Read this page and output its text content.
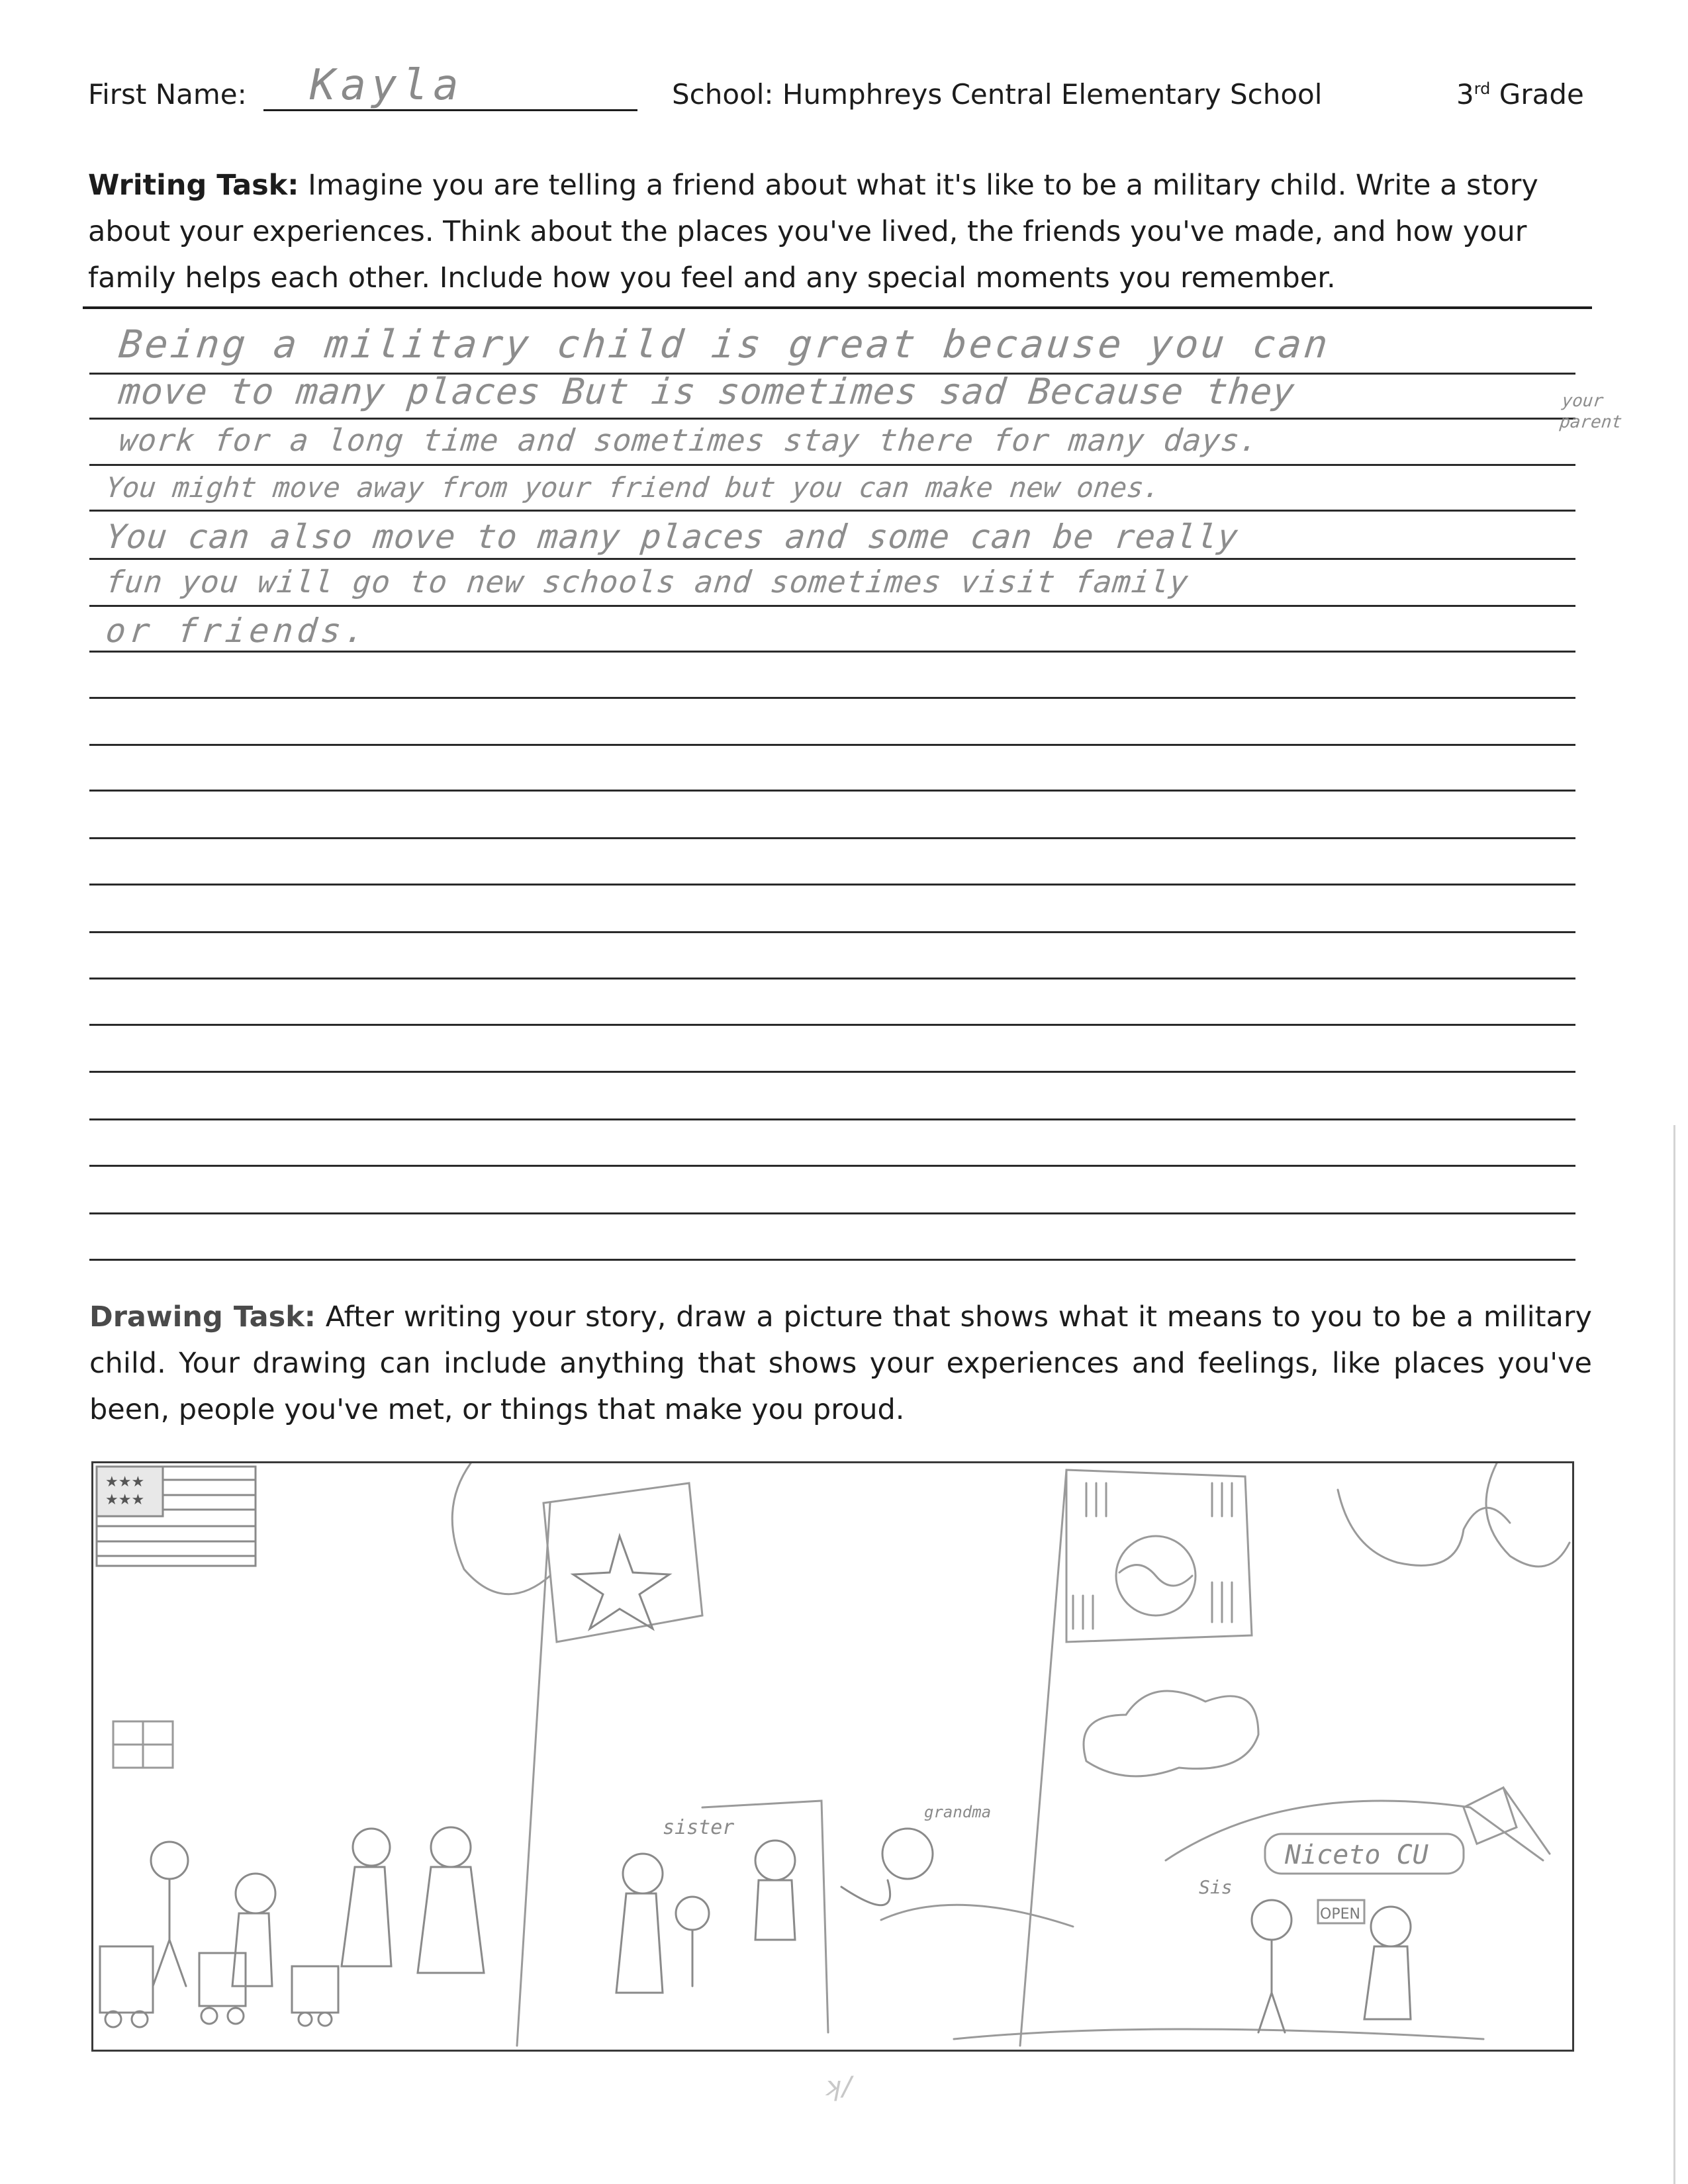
First Name: Kayla	School: Humphreys Central Elementary School	3rd Grade
Writing Task: Imagine you are telling a friend about what it's like to be a military child. Write a story about your experiences. Think about the places you've lived, the friends you've made, and how your family helps each other. Include how you feel and any special moments you remember.
Being a military child is great because you can
move to many places But is sometimes sad Because they
work for a long time and sometimes stay there for many days.
You might move away from your friend but you can make new ones.
You can also move to many places and some can be really
fun you will go to new schools and sometimes visit family
or friends.
your parent
Drawing Task: After writing your story, draw a picture that shows what it means to you to be a military child. Your drawing can include anything that shows your experiences and feelings, like places you've been, people you've met, or things that make you proud.
★★★
★★★
Niceto CU
OPEN
sister
grandma
Sis
ʞ/
